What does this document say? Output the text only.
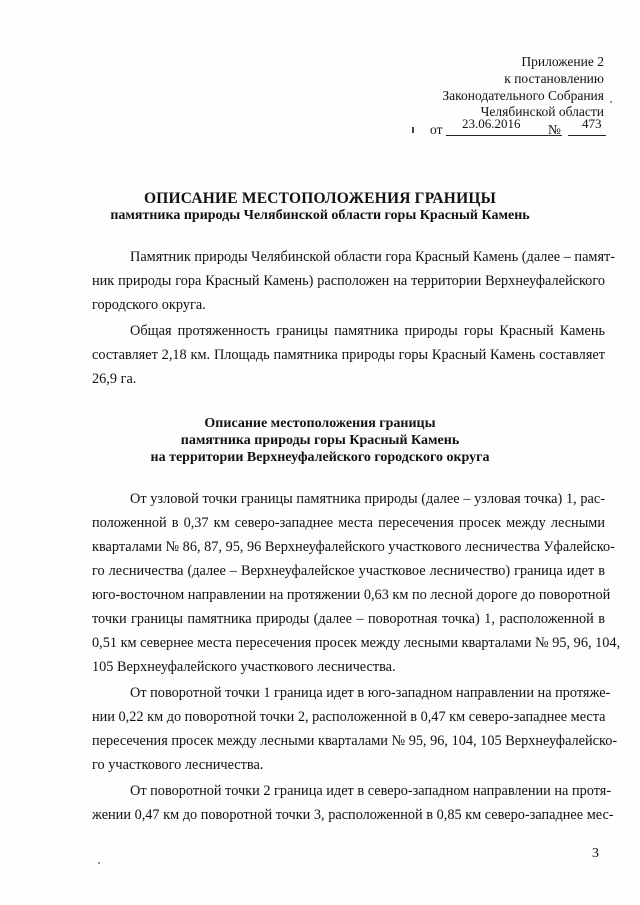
Приложение 2
к постановлению
Законодательного Собрания
Челябинской области
от 23.06.2016 № 473
ОПИСАНИЕ МЕСТОПОЛОЖЕНИЯ ГРАНИЦЫ
памятника природы Челябинской области горы Красный Камень
Памятник природы Челябинской области гора Красный Камень (далее – памят-
ник природы гора Красный Камень) расположен на территории Верхнеуфалейского
городского округа.
Общая протяженность границы памятника природы горы Красный Камень
составляет 2,18 км. Площадь памятника природы горы Красный Камень составляет
26,9 га.
Описание местоположения границы
памятника природы горы Красный Камень
на территории Верхнеуфалейского городского округа
От узловой точки границы памятника природы (далее – узловая точка) 1, рас-
положенной в 0,37 км северо-западнее места пересечения просек между лесными
кварталами № 86, 87, 95, 96 Верхнеуфалейского участкового лесничества Уфалейско-
го лесничества (далее – Верхнеуфалейское участковое лесничество) граница идет в
юго-восточном направлении на протяжении 0,63 км по лесной дороге до поворотной
точки границы памятника природы (далее – поворотная точка) 1, расположенной в
0,51 км севернее места пересечения просек между лесными кварталами № 95, 96, 104,
105 Верхнеуфалейского участкового лесничества.
От поворотной точки 1 граница идет в юго-западном направлении на протяже-
нии 0,22 км до поворотной точки 2, расположенной в 0,47 км северо-западнее места
пересечения просек между лесными кварталами № 95, 96, 104, 105 Верхнеуфалейско-
го участкового лесничества.
От поворотной точки 2 граница идет в северо-западном направлении на протя-
жении 0,47 км до поворотной точки 3, расположенной в 0,85 км северо-западнее мес-
3
